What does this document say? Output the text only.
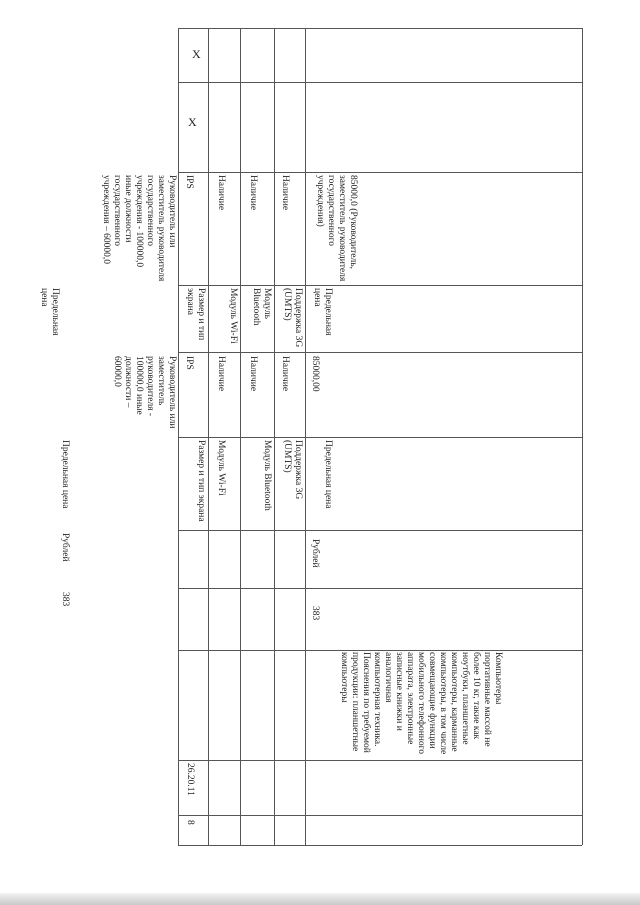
X
X
Руководитель или заместитель руководителя государственного учреждения - 100000,0 иные должности государственного учреждения – 60000,0
Предельная цена
Руководитель или заместитель руководителя - 100000,0 иные должности – 60000,0
Предельная цена
Рублей
383
8
26.20.11
Компьютеры портативные массой не более 10 кг, такие как ноутбуки, планшетные компьютеры, карманные компьютеры, в том числе совмещающие функции мобильного телефонного аппарата, электронные записные книжки и аналогичная компьютерная техника. Пояснения по требуемой продукции: планшетные компьютеры
383
Рублей
Размер и тип экрана
IPS
Модуль Wi-Fi
Наличие
Модуль Bluetooth
Наличие
Поддержка 3G (UMTS)
Наличие
Предельная цена
85000,00
Размер и тип экрана
IPS
Модуль Wi-Fi
Наличие
Модуль Bluetooth
Наличие
Поддержка 3G (UMTS)
Наличие
Предельная цена
85000,0 (Руководитель, заместитель руководителя государственного учреждения)
